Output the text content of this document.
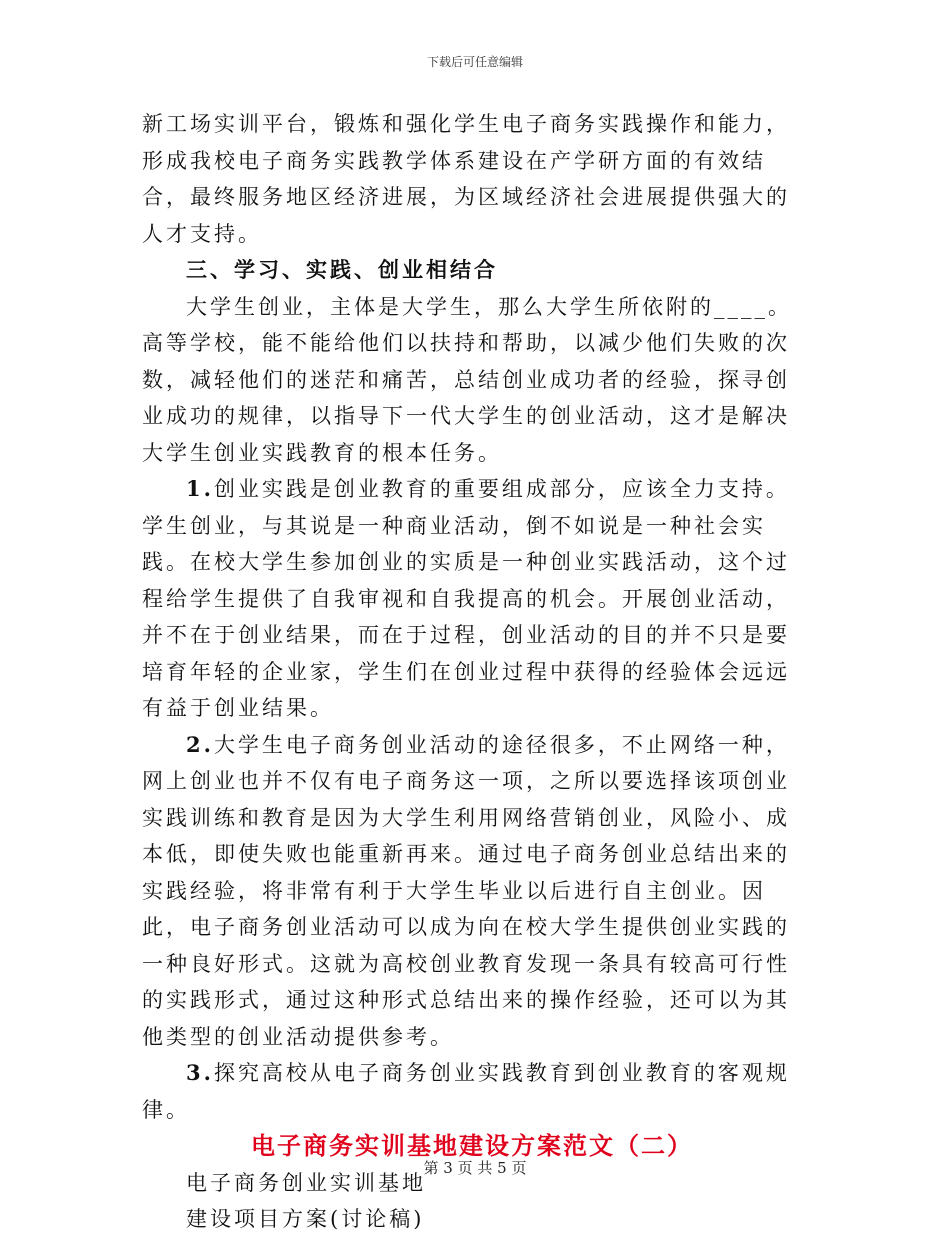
下载后可任意编辑

新工场实训平台，锻炼和强化学生电子商务实践操作和能力，形成我校电子商务实践教学体系建设在产学研方面的有效结合，最终服务地区经济进展，为区域经济社会进展提供强大的人才支持。

三、学习、实践、创业相结合

大学生创业，主体是大学生，那么大学生所依附的____。高等学校，能不能给他们以扶持和帮助，以减少他们失败的次数，减轻他们的迷茫和痛苦，总结创业成功者的经验，探寻创业成功的规律，以指导下一代大学生的创业活动，这才是解决大学生创业实践教育的根本任务。

1.创业实践是创业教育的重要组成部分，应该全力支持。学生创业，与其说是一种商业活动，倒不如说是一种社会实践。在校大学生参加创业的实质是一种创业实践活动，这个过程给学生提供了自我审视和自我提高的机会。开展创业活动，并不在于创业结果，而在于过程，创业活动的目的并不只是要培育年轻的企业家，学生们在创业过程中获得的经验体会远远有益于创业结果。

2.大学生电子商务创业活动的途径很多，不止网络一种，网上创业也并不仅有电子商务这一项，之所以要选择该项创业实践训练和教育是因为大学生利用网络营销创业，风险小、成本低，即使失败也能重新再来。通过电子商务创业总结出来的实践经验，将非常有利于大学生毕业以后进行自主创业。因此，电子商务创业活动可以成为向在校大学生提供创业实践的一种良好形式。这就为高校创业教育发现一条具有较高可行性的实践形式，通过这种形式总结出来的操作经验，还可以为其他类型的创业活动提供参考。

3.探究高校从电子商务创业实践教育到创业教育的客观规律。

电子商务实训基地建设方案范文（二）

电子商务创业实训基地

建设项目方案(讨论稿)

第 3 页 共 5 页
